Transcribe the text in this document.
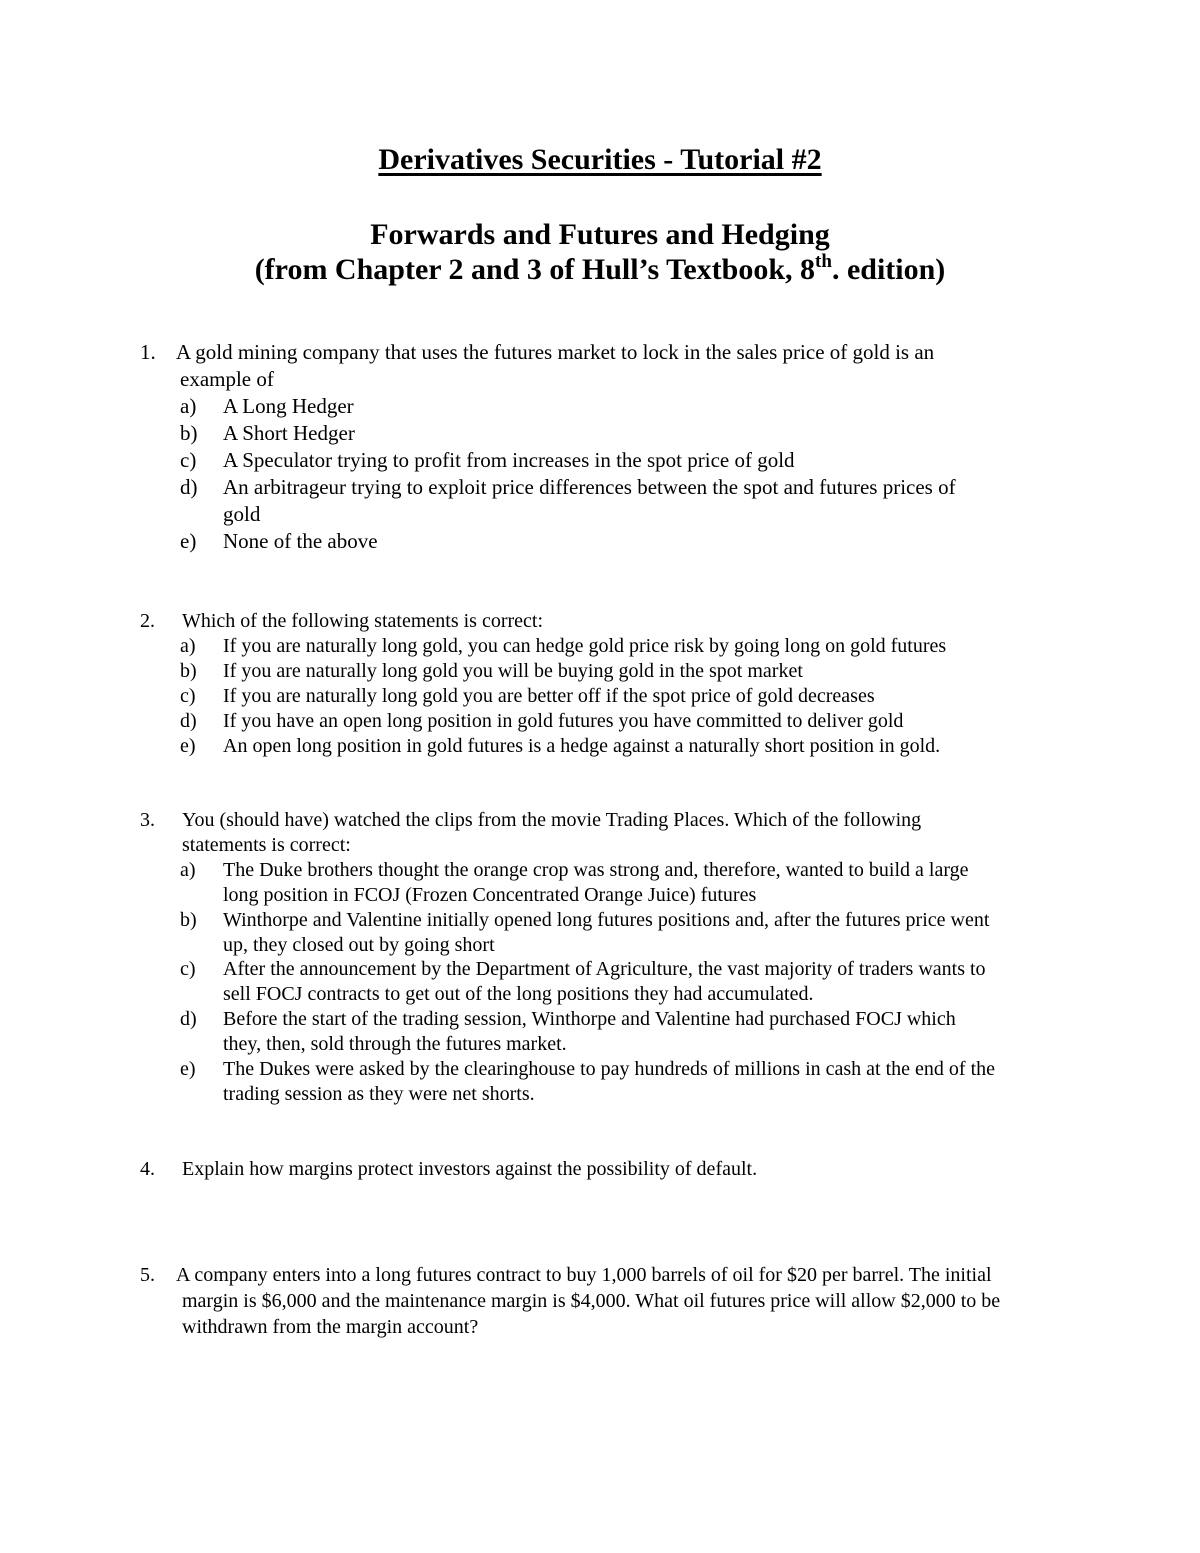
Derivatives Securities - Tutorial #2
Forwards and Futures and Hedging
(from Chapter 2 and 3 of Hull’s Textbook, 8th. edition)
1. A gold mining company that uses the futures market to lock in the sales price of gold is an
example of
a) A Long Hedger
b) A Short Hedger
c) A Speculator trying to profit from increases in the spot price of gold
d) An arbitrageur trying to exploit price differences between the spot and futures prices of
gold
e) None of the above
2. Which of the following statements is correct:
a) If you are naturally long gold, you can hedge gold price risk by going long on gold futures
b) If you are naturally long gold you will be buying gold in the spot market
c) If you are naturally long gold you are better off if the spot price of gold decreases
d) If you have an open long position in gold futures you have committed to deliver gold
e) An open long position in gold futures is a hedge against a naturally short position in gold.
3. You (should have) watched the clips from the movie Trading Places. Which of the following
statements is correct:
a) The Duke brothers thought the orange crop was strong and, therefore, wanted to build a large
long position in FCOJ (Frozen Concentrated Orange Juice) futures
b) Winthorpe and Valentine initially opened long futures positions and, after the futures price went
up, they closed out by going short
c) After the announcement by the Department of Agriculture, the vast majority of traders wants to
sell FOCJ contracts to get out of the long positions they had accumulated.
d) Before the start of the trading session, Winthorpe and Valentine had purchased FOCJ which
they, then, sold through the futures market.
e) The Dukes were asked by the clearinghouse to pay hundreds of millions in cash at the end of the
trading session as they were net shorts.
4. Explain how margins protect investors against the possibility of default.
5. A company enters into a long futures contract to buy 1,000 barrels of oil for $20 per barrel. The initial
margin is $6,000 and the maintenance margin is $4,000. What oil futures price will allow $2,000 to be
withdrawn from the margin account?
